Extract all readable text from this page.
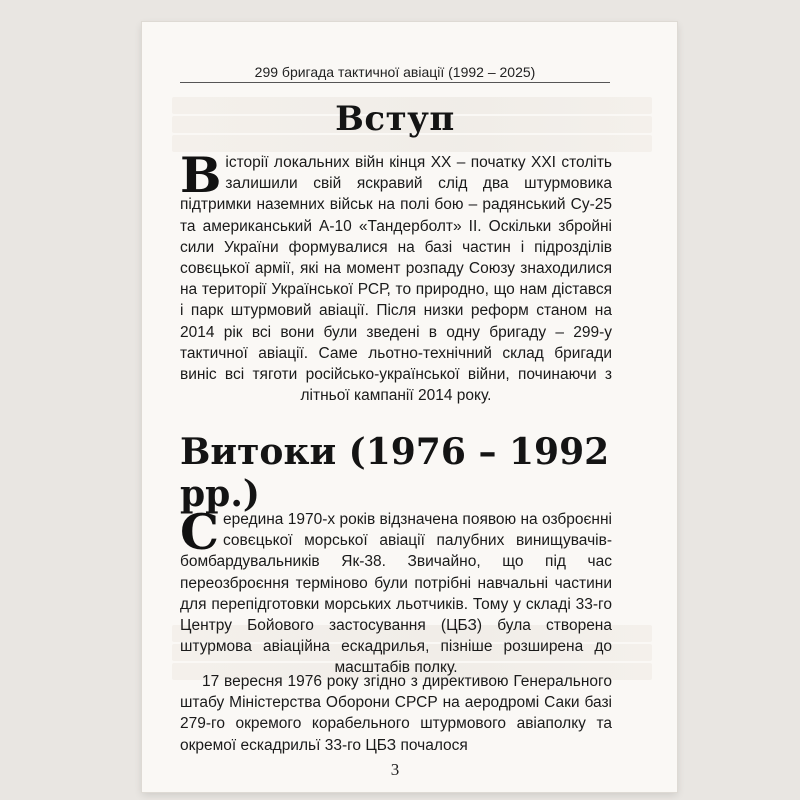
299 бригада тактичної авіації (1992 – 2025)
Вступ
Вісторії локальних війн кінця XX – початку XXI століть залишили свій яскравий слід два штурмовика підтримки наземних військ на полі бою – радянський Су-25 та американський А-10 «Тандерболт» ІІ. Оскільки збройні сили України формувалися на базі частин і підрозділів совєцької армії, які на момент розпаду Союзу знаходилися на території Української РСР, то природно, що нам дістався і парк штурмовий авіації. Після низки реформ станом на 2014 рік всі вони були зведені в одну бригаду – 299-у тактичної авіації. Саме льотно-технічний склад бригади виніс всі тяготи російсько-української війни, починаючи з літньої кампанії 2014 року.
Витоки (1976 – 1992 рр.)
Середина 1970-х років відзначена появою на озброєнні совєцької морської авіації палубних винищувачів-бомбардувальників Як-38. Звичайно, що під час переозброєння терміново були потрібні навчальні частини для перепідготовки морських льотчиків. Тому у складі 33-го Центру Бойового застосування (ЦБЗ) була створена штурмова авіаційна ескадрилья, пізніше розширена до масштабів полку.
17 вересня 1976 року згідно з директивою Генерального штабу Міністерства Оборони СРСР на аеродромі Саки базі 279-го окремого корабельного штурмового авіаполку та окремої ескадрильї 33-го ЦБЗ почалося
3
